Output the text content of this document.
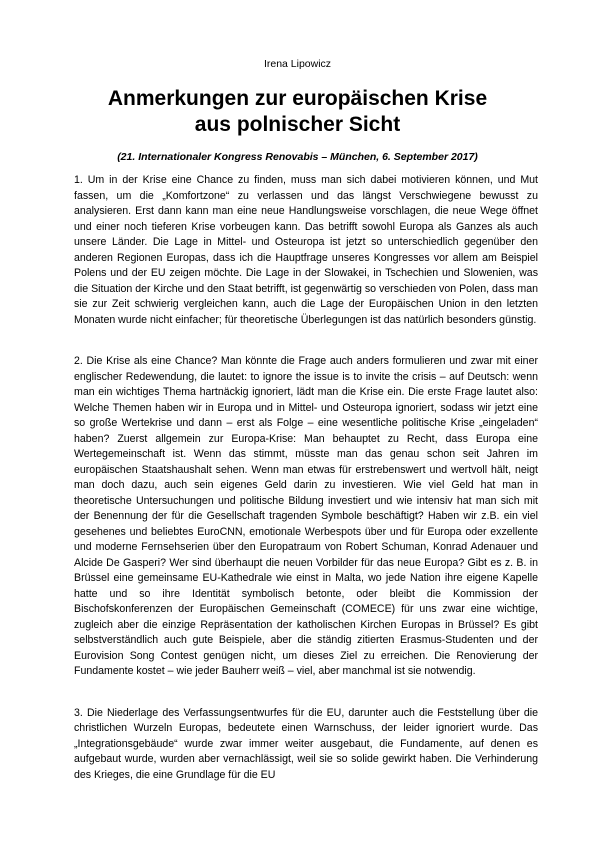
Irena Lipowicz
Anmerkungen zur europäischen Krise
aus polnischer Sicht
(21. Internationaler Kongress Renovabis – München, 6. September 2017)

1. Um in der Krise eine Chance zu finden, muss man sich dabei motivieren können, und Mut fassen, um die „Komfortzone“ zu verlassen und das längst Verschwiegene bewusst zu analysieren. Erst dann kann man eine neue Handlungsweise vorschlagen, die neue Wege öffnet und einer noch tieferen Krise vorbeugen kann. Das betrifft sowohl Europa als Ganzes als auch unsere Länder. Die Lage in Mittel- und Osteuropa ist jetzt so unterschiedlich gegenüber den anderen Regionen Europas, dass ich die Hauptfrage unseres Kongresses vor allem am Beispiel Polens und der EU zeigen möchte. Die Lage in der Slowakei, in Tschechien und Slowenien, was die Situation der Kirche und den Staat betrifft, ist gegenwärtig so verschieden von Polen, dass man sie zur Zeit schwierig vergleichen kann, auch die Lage der Europäischen Union in den letzten Monaten wurde nicht einfacher; für theoretische Überlegungen ist das natürlich besonders günstig.

2. Die Krise als eine Chance? Man könnte die Frage auch anders formulieren und zwar mit einer englischer Redewendung, die lautet: to ignore the issue is to invite the crisis – auf Deutsch: wenn man ein wichtiges Thema hartnäckig ignoriert, lädt man die Krise ein. Die erste Frage lautet also: Welche Themen haben wir in Europa und in Mittel- und Osteuropa ignoriert, sodass wir jetzt eine so große Wertekrise und dann – erst als Folge – eine wesentliche politische Krise „eingeladen“ haben? Zuerst allgemein zur Europa-Krise: Man behauptet zu Recht, dass Europa eine Wertegemeinschaft ist. Wenn das stimmt, müsste man das genau schon seit Jahren im europäischen Staatshaushalt sehen. Wenn man etwas für erstrebenswert und wertvoll hält, neigt man doch dazu, auch sein eigenes Geld darin zu investieren. Wie viel Geld hat man in theoretische Untersuchungen und politische Bildung investiert und wie intensiv hat man sich mit der Benennung der für die Gesellschaft tragenden Symbole beschäftigt? Haben wir z.B. ein viel gesehenes und beliebtes EuroCNN, emotionale Werbespots über und für Europa oder exzellente und moderne Fernsehserien über den Europatraum von Robert Schuman, Konrad Adenauer und Alcide De Gasperi? Wer sind überhaupt die neuen Vorbilder für das neue Europa? Gibt es z. B. in Brüssel eine gemeinsame EU-Kathedrale wie einst in Malta, wo jede Nation ihre eigene Kapelle hatte und so ihre Identität symbolisch betonte, oder bleibt die Kommission der Bischofskonferenzen der Europäischen Gemeinschaft (COMECE) für uns zwar eine wichtige, zugleich aber die einzige Repräsentation der katholischen Kirchen Europas in Brüssel? Es gibt selbstverständlich auch gute Beispiele, aber die ständig zitierten Erasmus-Studenten und der Eurovision Song Contest genügen nicht, um dieses Ziel zu erreichen. Die Renovierung der Fundamente kostet – wie jeder Bauherr weiß – viel, aber manchmal ist sie notwendig.

3. Die Niederlage des Verfassungsentwurfes für die EU, darunter auch die Feststellung über die christlichen Wurzeln Europas, bedeutete einen Warnschuss, der leider ignoriert wurde. Das „Integrationsgebäude“ wurde zwar immer weiter ausgebaut, die Fundamente, auf denen es aufgebaut wurde, wurden aber vernachlässigt, weil sie so solide gewirkt haben. Die Verhinderung des Krieges, die eine Grundlage für die EU
